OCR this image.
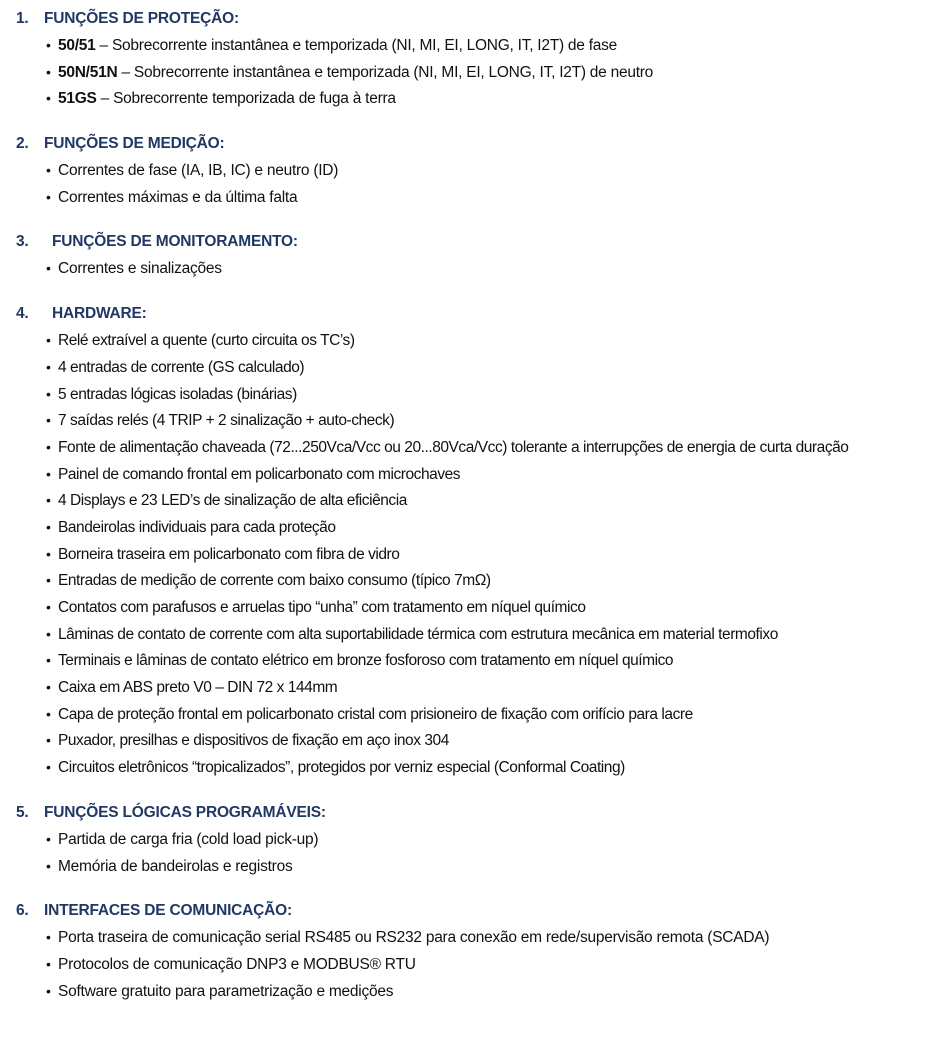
1. FUNÇÕES DE PROTEÇÃO:
• 50/51 – Sobrecorrente instantânea e temporizada (NI, MI, EI, LONG, IT, I2T) de fase
• 50N/51N – Sobrecorrente instantânea e temporizada (NI, MI, EI, LONG, IT, I2T) de neutro
• 51GS – Sobrecorrente temporizada de fuga à terra
2. FUNÇÕES DE MEDIÇÃO:
• Correntes de fase (IA, IB, IC) e neutro (ID)
• Correntes máximas e da última falta
3.	FUNÇÕES DE MONITORAMENTO:
• Correntes e sinalizações
4.	HARDWARE:
• Relé extraível a quente (curto circuita os TC’s)
• 4 entradas de corrente (GS calculado)
• 5 entradas lógicas isoladas (binárias)
• 7 saídas relés (4 TRIP + 2 sinalização + auto-check)
• Fonte de alimentação chaveada (72...250Vca/Vcc ou 20...80Vca/Vcc) tolerante a interrupções de energia de curta duração
• Painel de comando frontal em policarbonato com microchaves
• 4 Displays e 23 LED’s de sinalização de alta eficiência
• Bandeirolas individuais para cada proteção
• Borneira traseira em policarbonato com fibra de vidro
• Entradas de medição de corrente com baixo consumo (típico 7mΩ)
• Contatos com parafusos e arruelas tipo “unha” com tratamento em níquel químico
• Lâminas de contato de corrente com alta suportabilidade térmica com estrutura mecânica em material termofixo
• Terminais e lâminas de contato elétrico em bronze fosforoso com tratamento em níquel químico
• Caixa em ABS preto V0 – DIN 72 x 144mm
• Capa de proteção frontal em policarbonato cristal com prisioneiro de fixação com orifício para lacre
• Puxador, presilhas e dispositivos de fixação em aço inox 304
• Circuitos eletrônicos “tropicalizados”, protegidos por verniz especial (Conformal Coating)
5. FUNÇÕES LÓGICAS PROGRAMÁVEIS:
• Partida de carga fria (cold load pick-up)
• Memória de bandeirolas e registros
6. INTERFACES DE COMUNICAÇÃO:
• Porta traseira de comunicação serial RS485 ou RS232 para conexão em rede/supervisão remota (SCADA)
• Protocolos de comunicação DNP3 e MODBUS® RTU
• Software gratuito para parametrização e medições
